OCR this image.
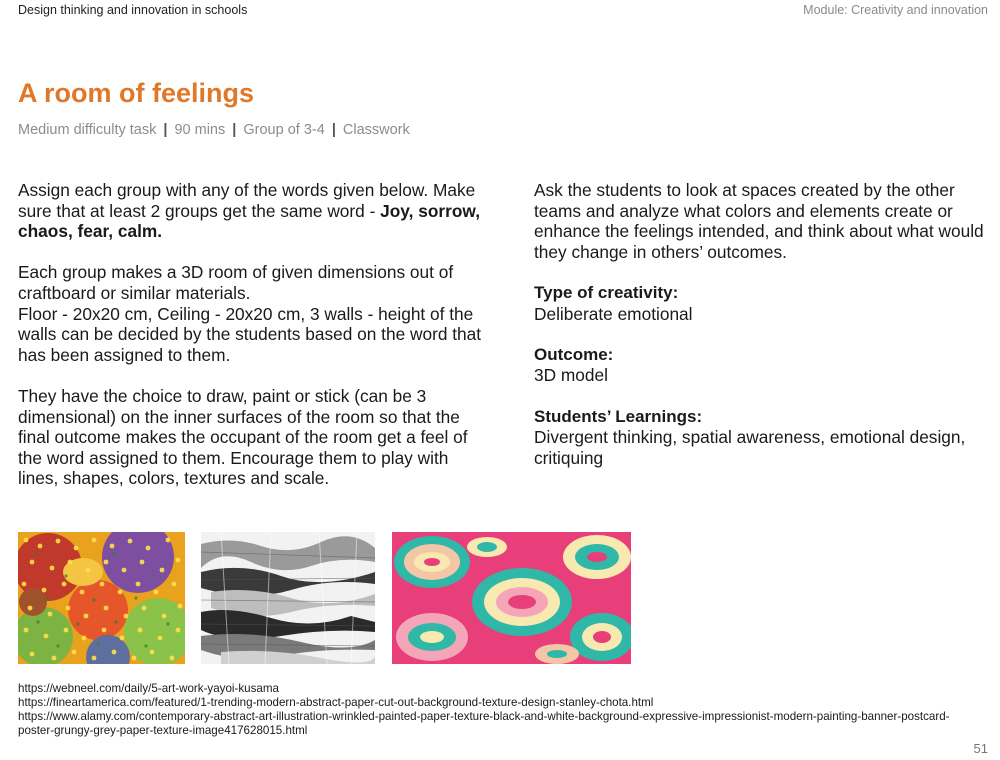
Design thinking and innovation in schools	Module: Creativity and innovation
A room of feelings
Medium difficulty task | 90 mins | Group of 3-4 | Classwork

Assign each group with any of the words given below. Make sure that at least 2 groups get the same word - Joy, sorrow, chaos, fear, calm.

Each group makes a 3D room of given dimensions out of craftboard or similar materials.
Floor - 20x20 cm, Ceiling - 20x20 cm, 3 walls - height of the walls can be decided by the students based on the word that has been assigned to them.

They have the choice to draw, paint or stick (can be 3 dimensional) on the inner surfaces of the room so that the final outcome makes the occupant of the room get a feel of the word assigned to them. Encourage them to play with lines, shapes, colors, textures and scale.

Ask the students to look at spaces created by the other teams and analyze what colors and elements create or enhance the feelings intended, and think about what would they change in others’ outcomes.

Type of creativity:
Deliberate emotional

Outcome:
3D model

Students’ Learnings:
Divergent thinking, spatial awareness, emotional design, critiquing

https://webneel.com/daily/5-art-work-yayoi-kusama
https://fineartamerica.com/featured/1-trending-modern-abstract-paper-cut-out-background-texture-design-stanley-chota.html
https://www.alamy.com/contemporary-abstract-art-illustration-wrinkled-painted-paper-texture-black-and-white-background-expressive-impressionist-modern-painting-banner-postcard-poster-grungy-grey-paper-texture-image417628015.html
51
